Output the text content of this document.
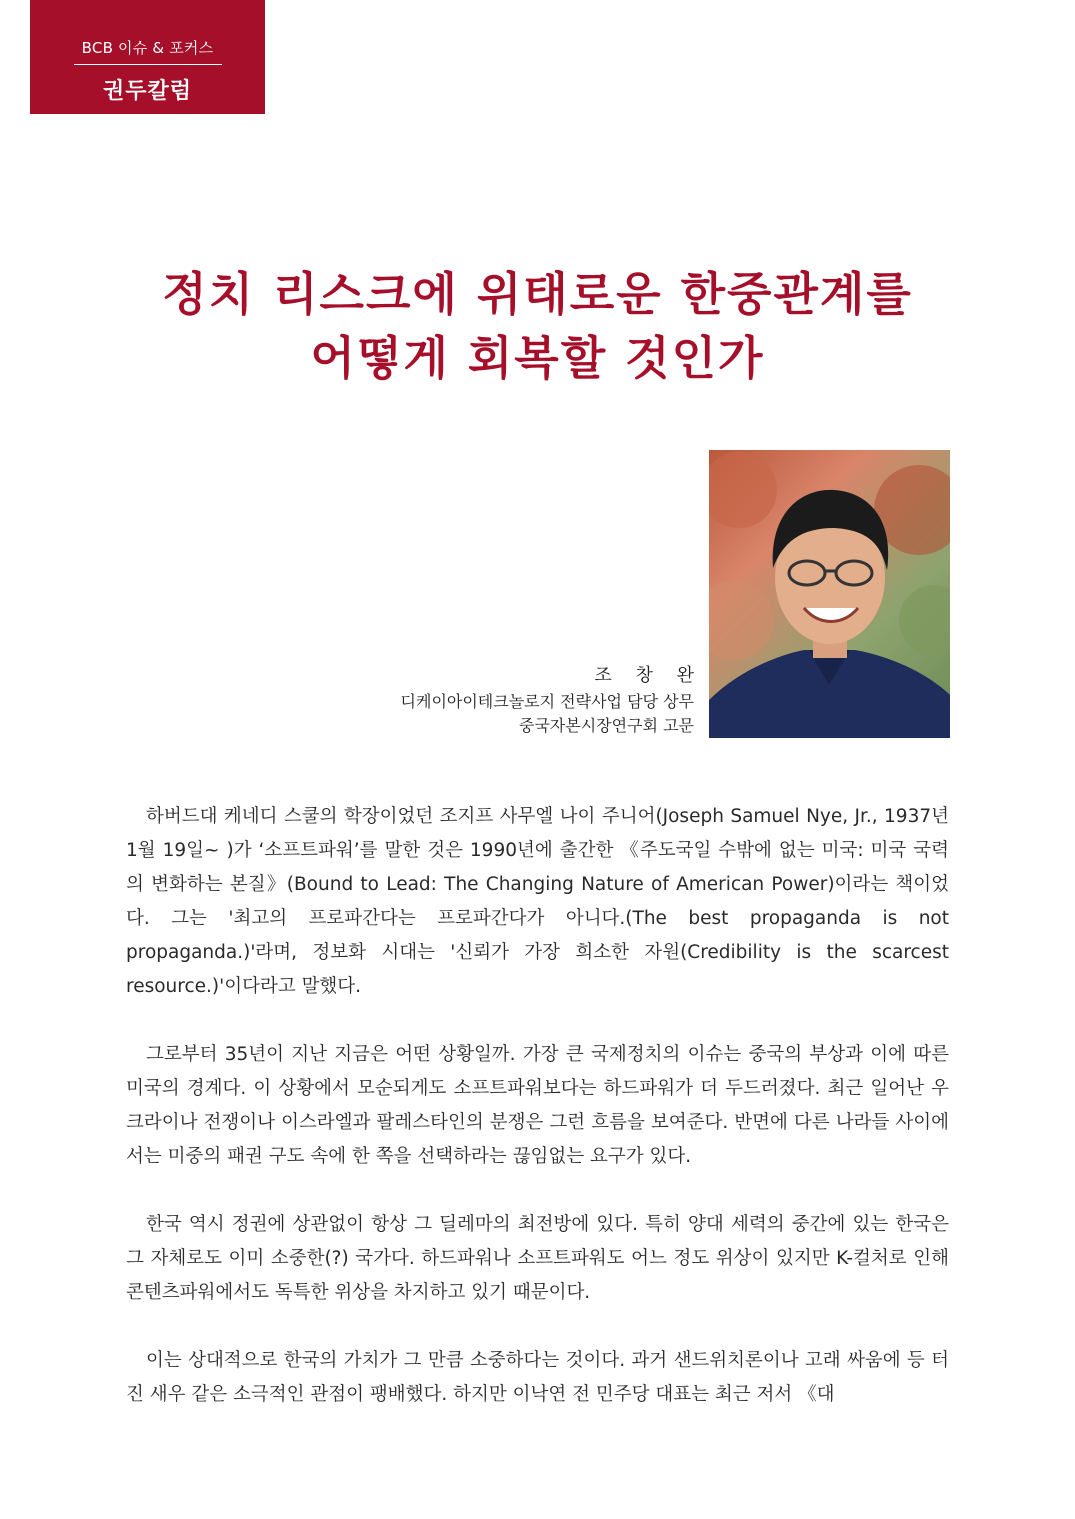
BCB 이슈 & 포커스
권두칼럼
정치 리스크에 위태로운 한중관계를
어떻게 회복할 것인가
조 창 완
디케이아이테크놀로지 전략사업 담당 상무
중국자본시장연구회 고문

하버드대 케네디 스쿨의 학장이었던 조지프 사무엘 나이 주니어(Joseph Samuel Nye, Jr., 1937년 1월 19일~ )가 ‘소프트파워’를 말한 것은 1990년에 출간한 《주도국일 수밖에 없는 미국: 미국 국력의 변화하는 본질》(Bound to Lead: The Changing Nature of American Power)이라는 책이었다. 그는 '최고의 프로파간다는 프로파간다가 아니다.(The best propaganda is not propaganda.)'라며, 정보화 시대는 '신뢰가 가장 희소한 자원(Credibility is the scarcest resource.)'이다라고 말했다.

그로부터 35년이 지난 지금은 어떤 상황일까. 가장 큰 국제정치의 이슈는 중국의 부상과 이에 따른 미국의 경계다. 이 상황에서 모순되게도 소프트파워보다는 하드파워가 더 두드러졌다. 최근 일어난 우크라이나 전쟁이나 이스라엘과 팔레스타인의 분쟁은 그런 흐름을 보여준다. 반면에 다른 나라들 사이에서는 미중의 패권 구도 속에 한 쪽을 선택하라는 끊임없는 요구가 있다.

한국 역시 정권에 상관없이 항상 그 딜레마의 최전방에 있다. 특히 양대 세력의 중간에 있는 한국은 그 자체로도 이미 소중한(?) 국가다. 하드파워나 소프트파워도 어느 정도 위상이 있지만 K-컬처로 인해 콘텐츠파워에서도 독특한 위상을 차지하고 있기 때문이다.

이는 상대적으로 한국의 가치가 그 만큼 소중하다는 것이다. 과거 샌드위치론이나 고래 싸움에 등 터진 새우 같은 소극적인 관점이 팽배했다. 하지만 이낙연 전 민주당 대표는 최근 저서 《대
